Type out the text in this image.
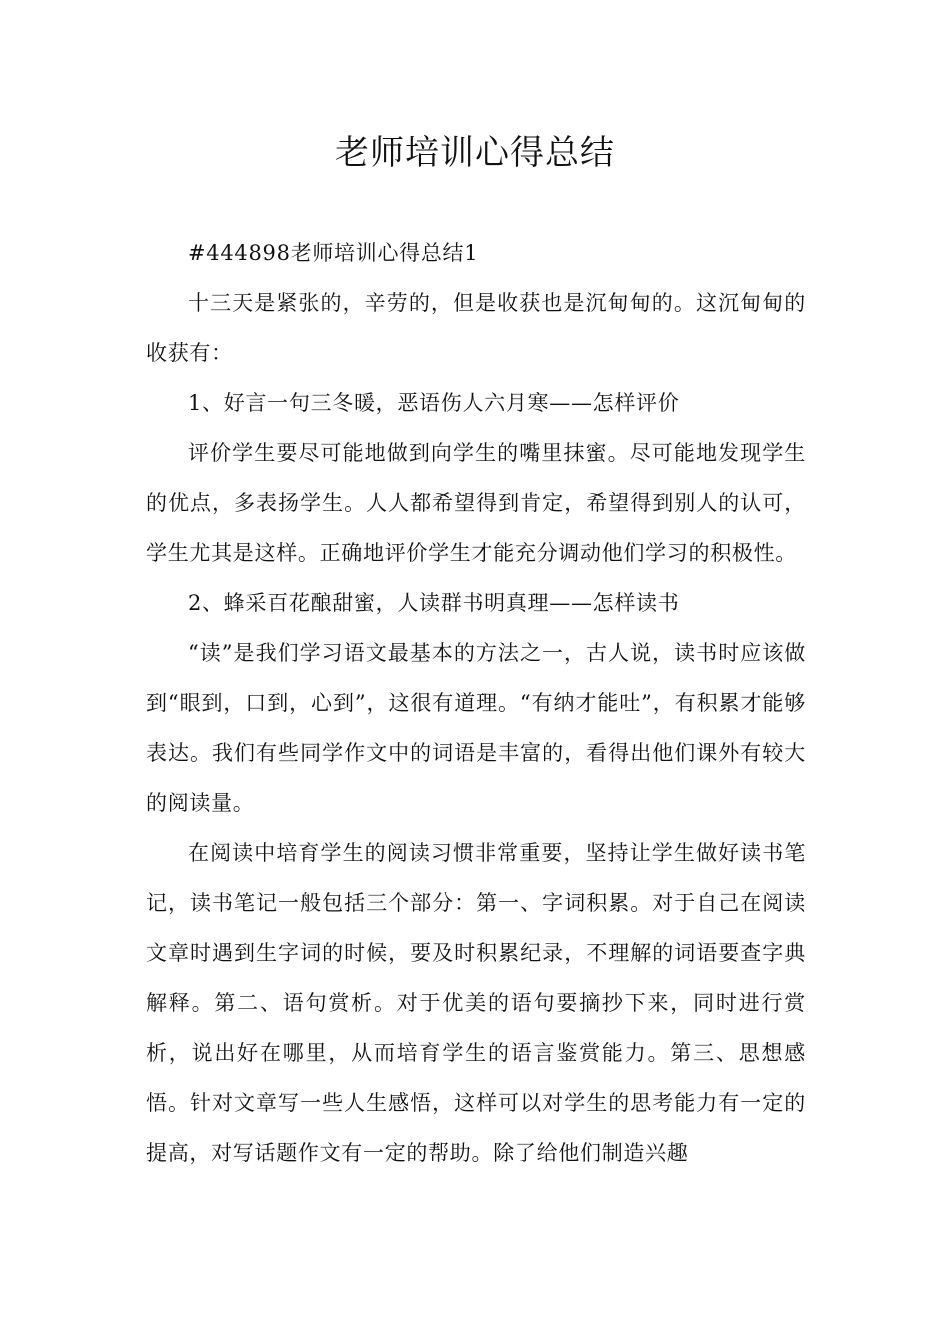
老师培训心得总结

#444898老师培训心得总结1

十三天是紧张的，辛劳的，但是收获也是沉甸甸的。这沉甸甸的收获有：

1、好言一句三冬暖，恶语伤人六月寒——怎样评价

评价学生要尽可能地做到向学生的嘴里抹蜜。尽可能地发现学生的优点，多表扬学生。人人都希望得到肯定，希望得到别人的认可，学生尤其是这样。正确地评价学生才能充分调动他们学习的积极性。

2、蜂采百花酿甜蜜，人读群书明真理——怎样读书

“读”是我们学习语文最基本的方法之一，古人说，读书时应该做到“眼到，口到，心到”，这很有道理。“有纳才能吐”，有积累才能够表达。我们有些同学作文中的词语是丰富的，看得出他们课外有较大的阅读量。

在阅读中培育学生的阅读习惯非常重要，坚持让学生做好读书笔记，读书笔记一般包括三个部分：第一、字词积累。对于自己在阅读文章时遇到生字词的时候，要及时积累纪录，不理解的词语要查字典解释。第二、语句赏析。对于优美的语句要摘抄下来，同时进行赏析，说出好在哪里，从而培育学生的语言鉴赏能力。第三、思想感悟。针对文章写一些人生感悟，这样可以对学生的思考能力有一定的提高，对写话题作文有一定的帮助。除了给他们制造兴趣
